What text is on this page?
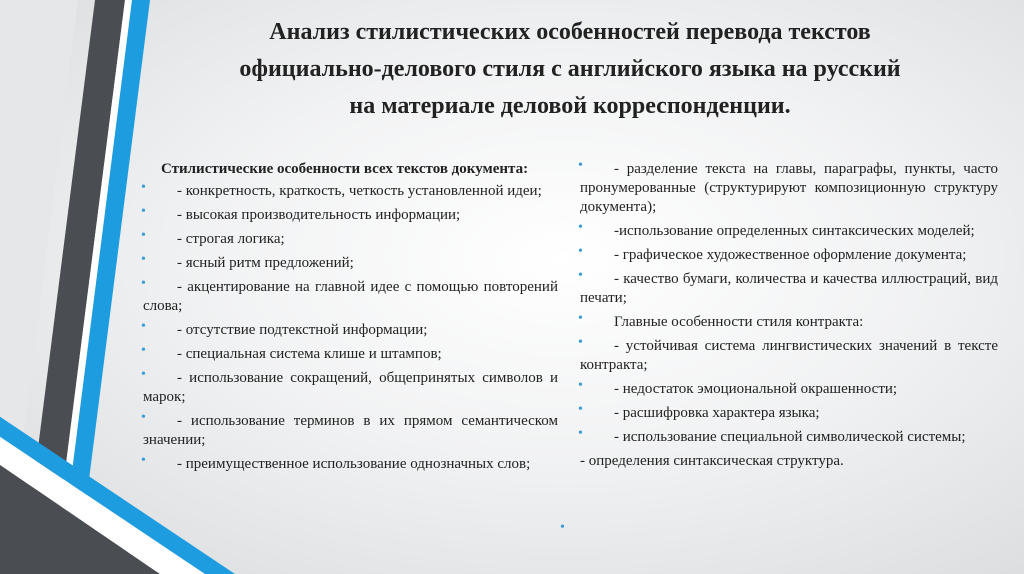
Анализ стилистических особенностей перевода текстов
официально-делового стиля с английского языка на русский
на материале деловой корреспонденции.
Стилистические особенности всех текстов документа:
•	- конкретность, краткость, четкость установленной идеи;
•	- высокая производительность информации;
•	- строгая логика;
•	- ясный ритм предложений;
•	- акцентирование на главной идее с помощью повторений слова;
•	- отсутствие подтекстной информации;
•	- специальная система клише и штампов;
•	- использование сокращений, общепринятых символов и марок;
•	- использование терминов в их прямом семантическом значении;
•	- преимущественное использование однозначных слов;
•	- разделение текста на главы, параграфы, пункты, часто пронумерованные (структурируют композиционную структуру документа);
•	-использование определенных синтаксических моделей;
•	- графическое художественное оформление документа;
•	- качество бумаги, количества и качества иллюстраций, вид печати;
•	Главные особенности стиля контракта:
•	- устойчивая система лингвистических значений в тексте контракта;
•	- недостаток эмоциональной окрашенности;
•	- расшифровка характера языка;
•	- использование специальной символической системы;
- определения синтаксическая структура.
•
